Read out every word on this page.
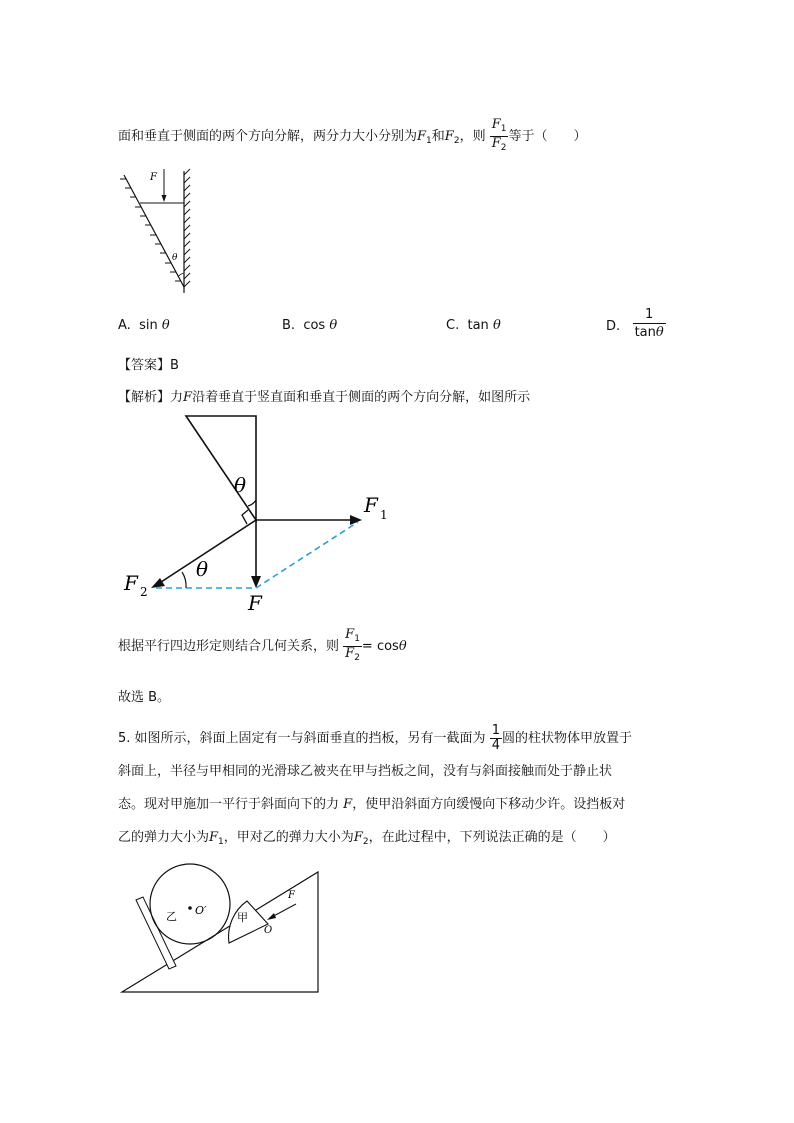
面和垂直于侧面的两个方向分解，两分力大小分别为$F_1$和$F_2$，则 $\frac{F_1}{F_2}$ 等于（　　）
F
θ
A. sin θ	B. cos θ	C. tan θ	D. $\frac{1}{\tan\theta}$
【答案】B
【解析】力F沿着垂直于竖直面和垂直于侧面的两个方向分解，如图所示
θ
F 1
F
F 2
θ
根据平行四边形定则结合几何关系，则 $\frac{F_1}{F_2} = \cos\theta$
故选 B。
5. 如图所示，斜面上固定有一与斜面垂直的挡板，另有一截面为 $\frac{1}{4}$ 圆的柱状物体甲放置于
斜面上，半径与甲相同的光滑球乙被夹在甲与挡板之间，没有与斜面接触而处于静止状
态。现对甲施加一平行于斜面向下的力 F，使甲沿斜面方向缓慢向下移动少许。设挡板对
乙的弹力大小为$F_1$，甲对乙的弹力大小为$F_2$，在此过程中，下列说法正确的是（　　）
O′
乙	甲
O
F
